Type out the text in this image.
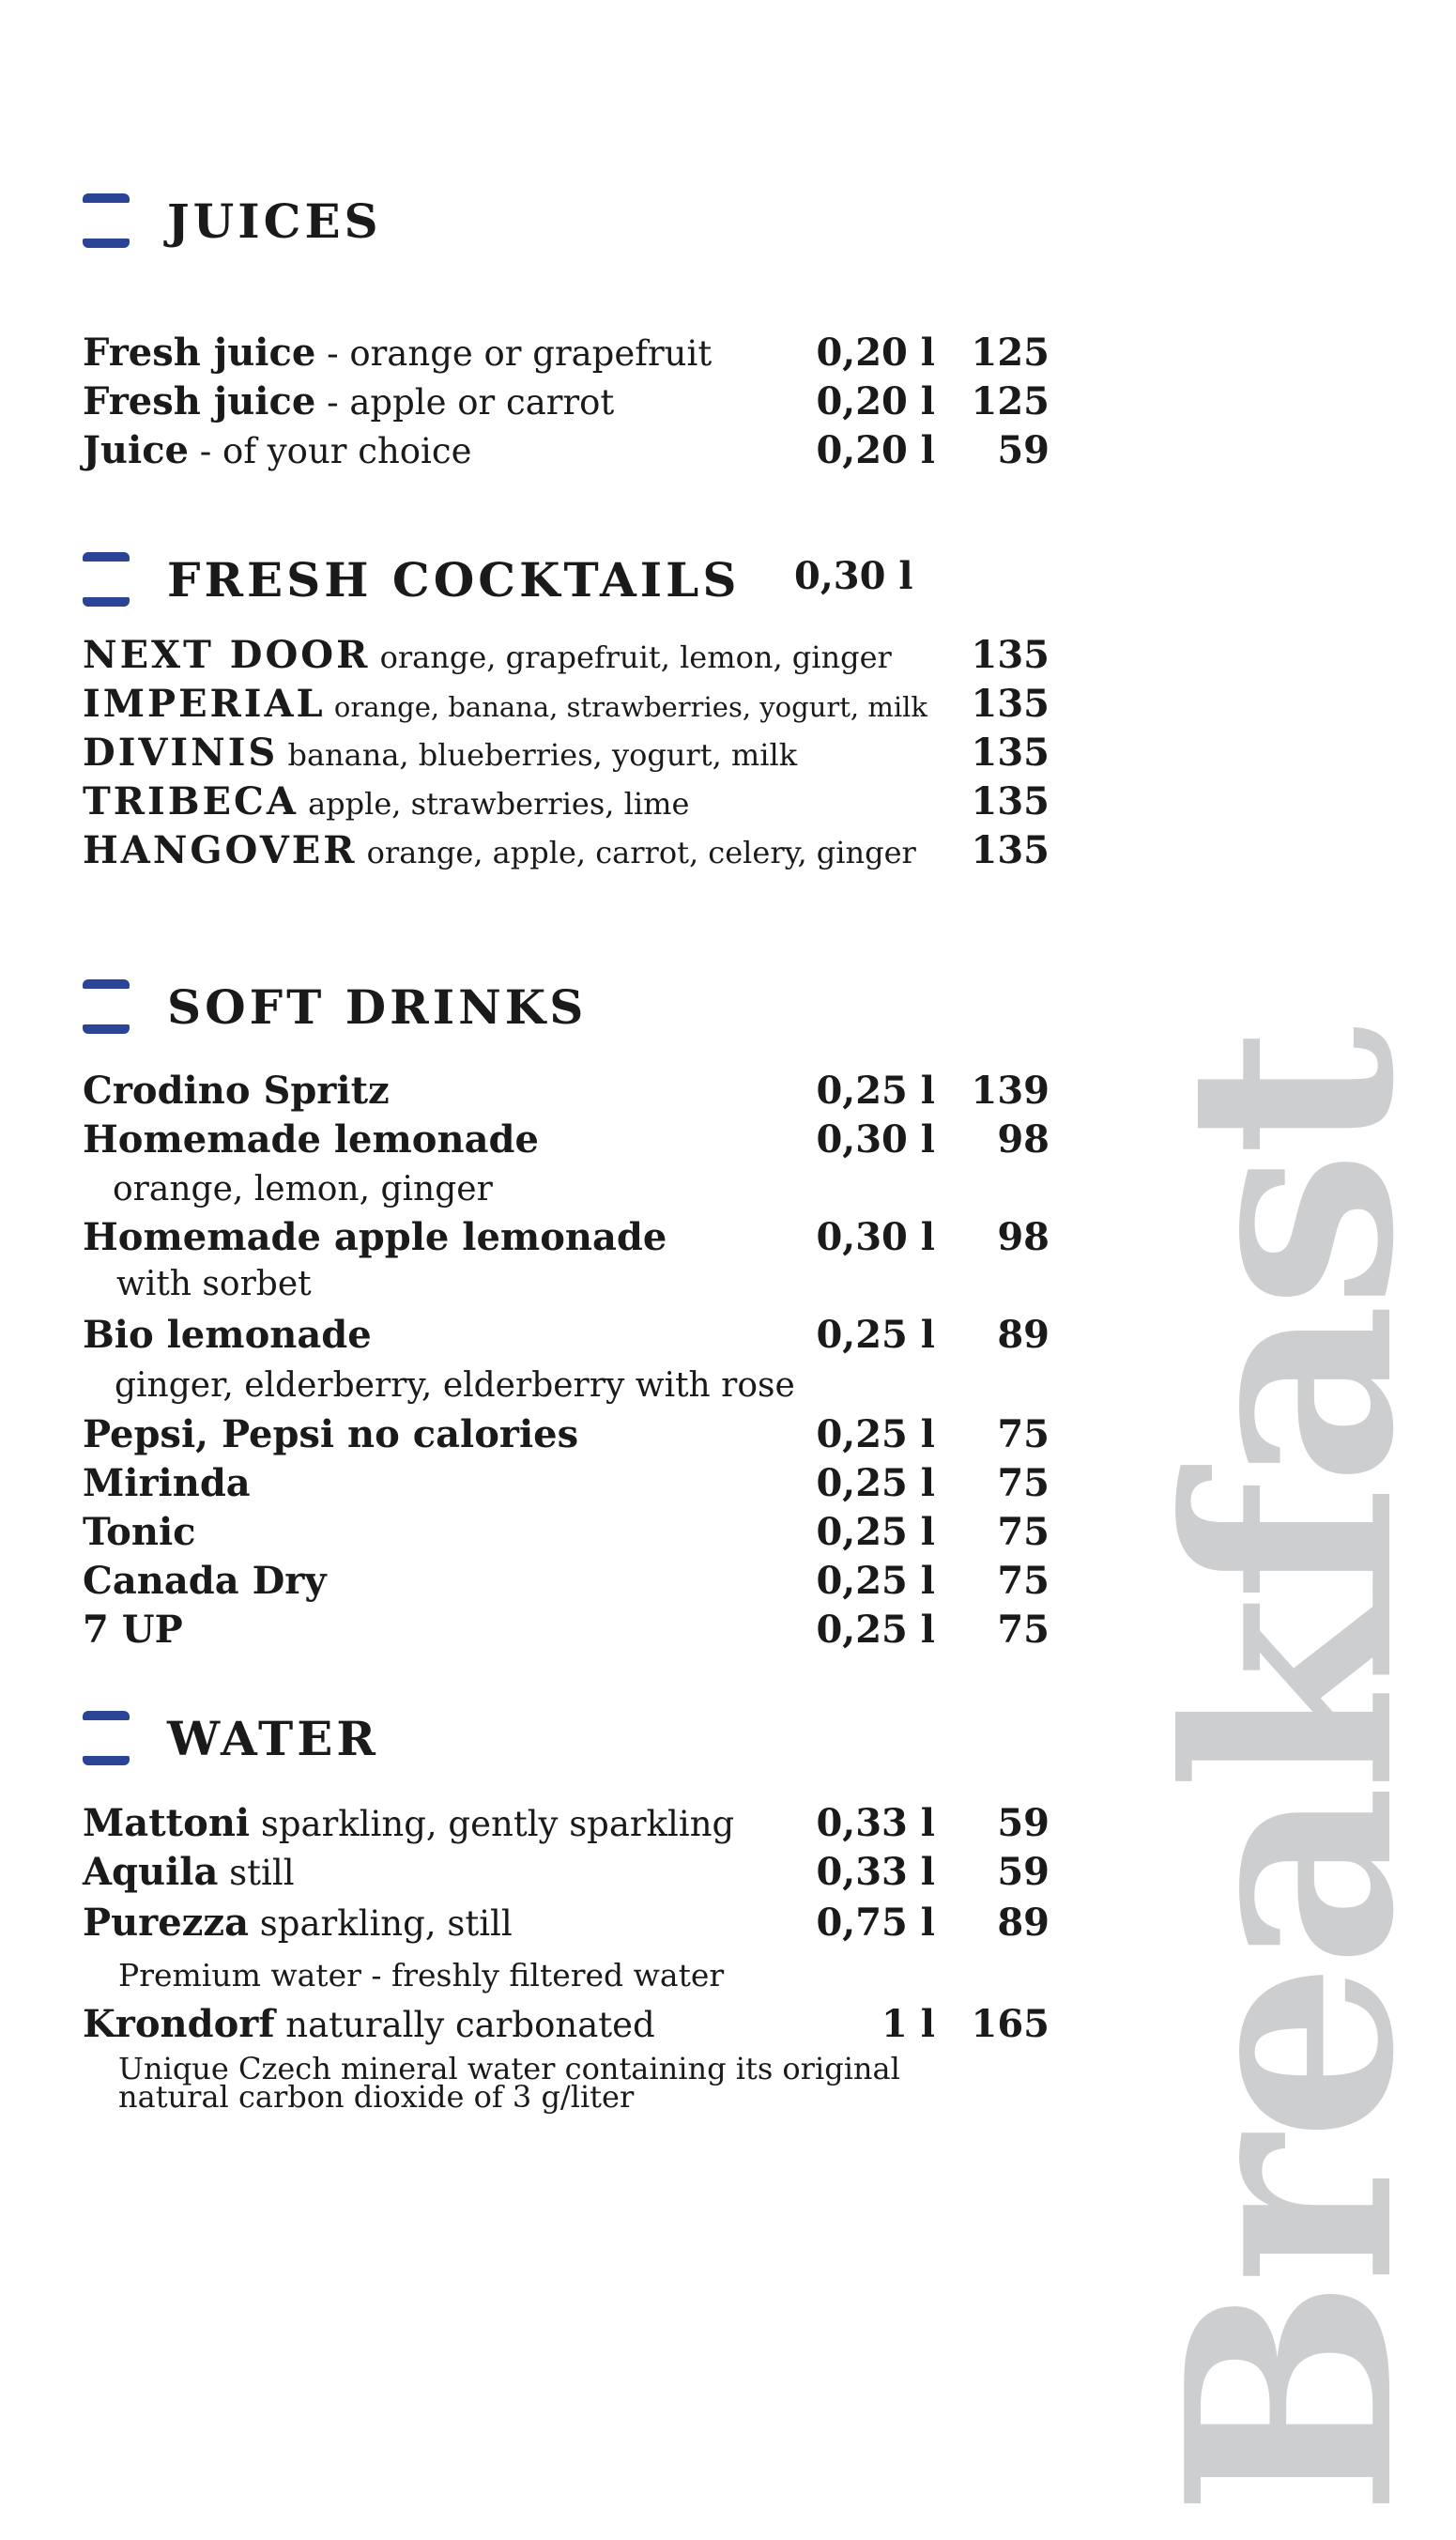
Breakfast
JUICES
Fresh juice - orange or grapefruit	0,20 l 125
Fresh juice - apple or carrot	0,20 l 125
Juice - of your choice	0,20 l 59
FRESH COCKTAILS 0,30 l
NEXT DOOR orange, grapefruit, lemon, ginger 135
IMPERIAL orange, banana, strawberries, yogurt, milk 135
DIVINIS banana, blueberries, yogurt, milk	135
TRIBECA apple, strawberries, lime	135
HANGOVER orange, apple, carrot, celery, ginger 135
SOFT DRINKS
Crodino Spritz	0,25 l 139
Homemade lemonade	0,30 l 98
orange, lemon, ginger
Homemade apple lemonade	0,30 l 98
with sorbet
Bio lemonade	0,25 l 89
ginger, elderberry, elderberry with rose
Pepsi, Pepsi no calories	0,25 l 75
Mirinda	0,25 l 75
Tonic	0,25 l 75
Canada Dry	0,25 l 75
7 UP	0,25 l 75
WATER
Mattoni sparkling, gently sparkling 0,33 l 59
Aquila still	0,33 l 59
Purezza sparkling, still	0,75 l 89
Premium water - freshly filtered water
Krondorf naturally carbonated	1 l 165
Unique Czech mineral water containing its original
natural carbon dioxide of 3 g/liter
